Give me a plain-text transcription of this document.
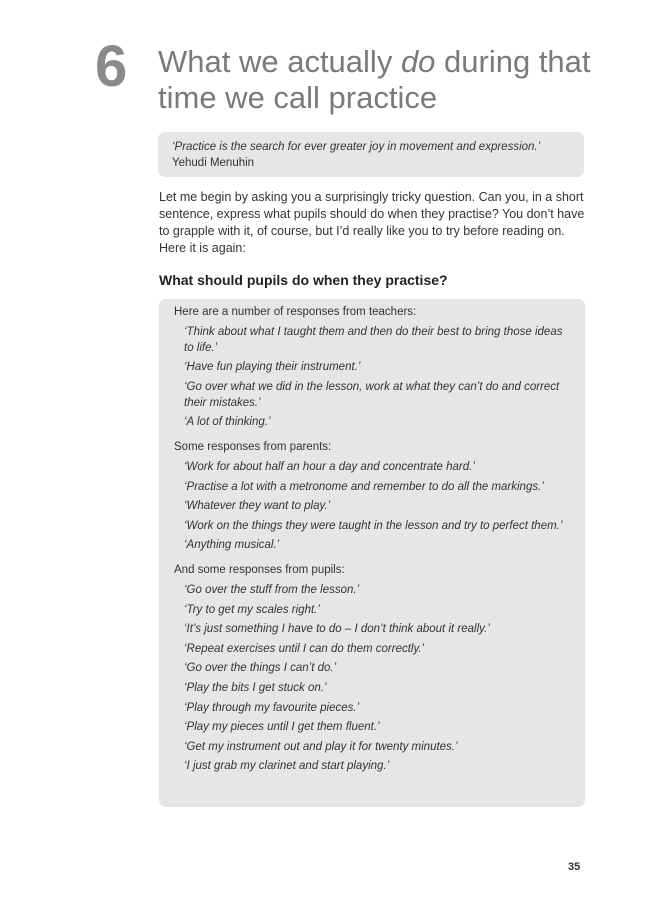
6 What we actually do during that time we call practice
‘Practice is the search for ever greater joy in movement and expression.’
Yehudi Menuhin

Let me begin by asking you a surprisingly tricky question. Can you, in a short sentence, express what pupils should do when they practise? You don’t have to grapple with it, of course, but I’d really like you to try before reading on. Here it is again:

What should pupils do when they practise?

Here are a number of responses from teachers:

‘Think about what I taught them and then do their best to bring those ideas to life.’
‘Have fun playing their instrument.’
‘Go over what we did in the lesson, work at what they can’t do and correct their mistakes.’
‘A lot of thinking.’

Some responses from parents:

‘Work for about half an hour a day and concentrate hard.’
‘Practise a lot with a metronome and remember to do all the markings.’
‘Whatever they want to play.’
‘Work on the things they were taught in the lesson and try to perfect them.’
‘Anything musical.’

And some responses from pupils:

‘Go over the stuff from the lesson.’
‘Try to get my scales right.’
‘It’s just something I have to do – I don’t think about it really.’
‘Repeat exercises until I can do them correctly.’
‘Go over the things I can’t do.’
‘Play the bits I get stuck on.’
‘Play through my favourite pieces.’
‘Play my pieces until I get them fluent.’
‘Get my instrument out and play it for twenty minutes.’
‘I just grab my clarinet and start playing.’
35
